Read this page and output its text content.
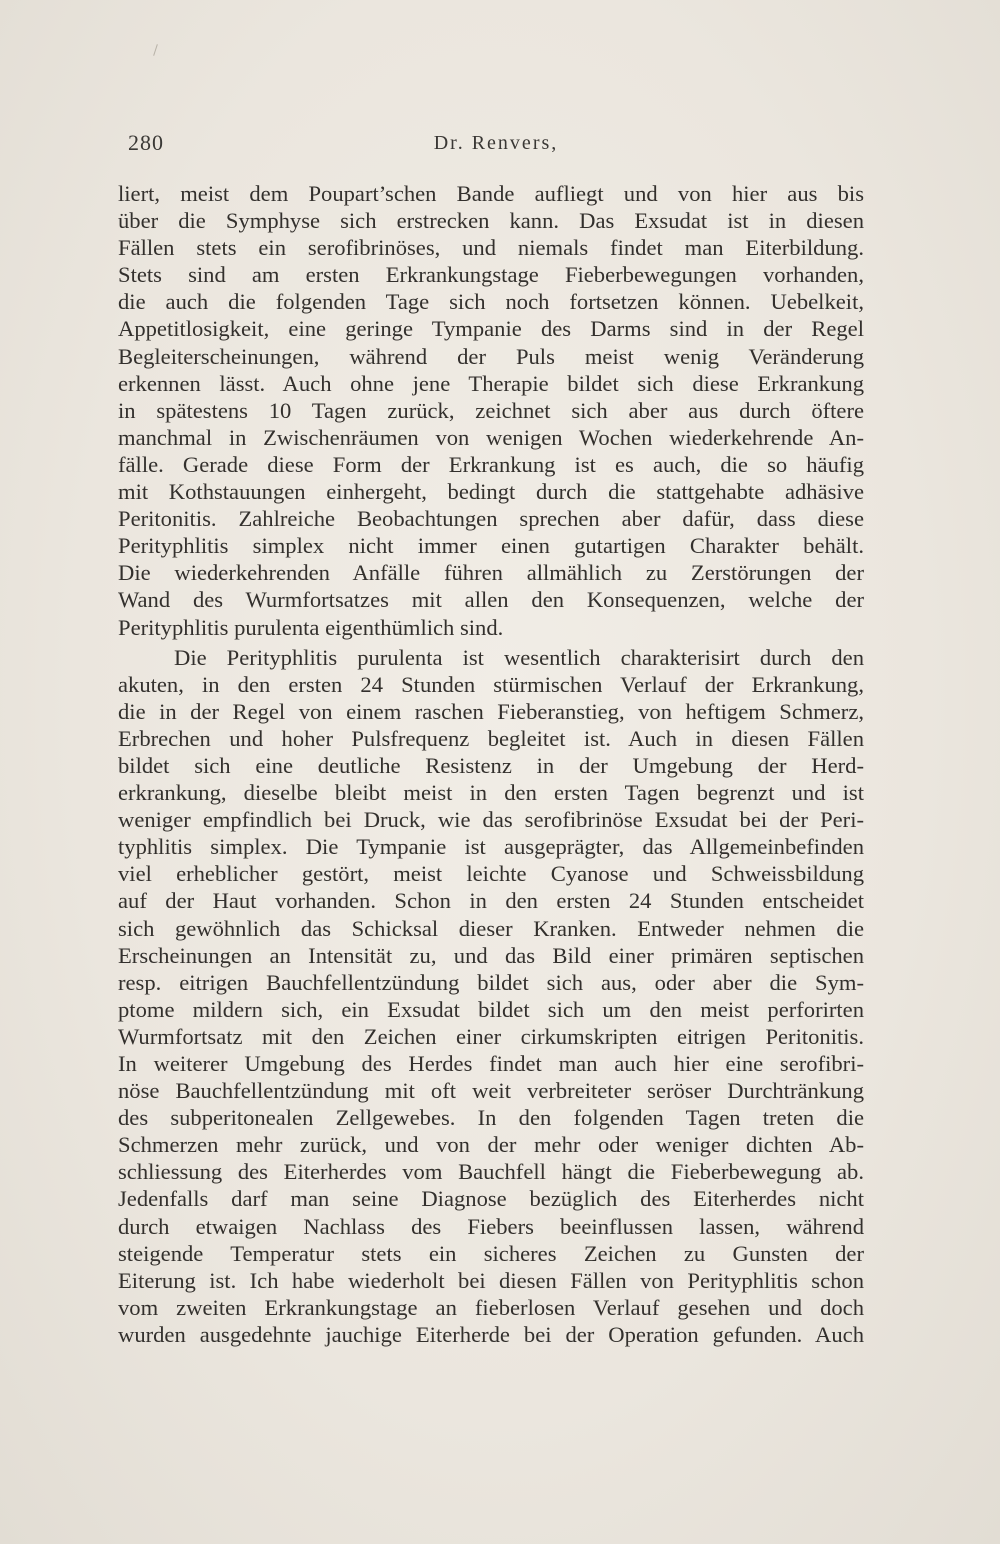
280	Dr. Renvers,
liert, meist dem Poupart’schen Bande aufliegt und von hier aus bis
über die Symphyse sich erstrecken kann. Das Exsudat ist in diesen
Fällen stets ein serofibrinöses, und niemals findet man Eiterbildung.
Stets sind am ersten Erkrankungstage Fieberbewegungen vorhanden,
die auch die folgenden Tage sich noch fortsetzen können. Uebelkeit,
Appetitlosigkeit, eine geringe Tympanie des Darms sind in der Regel
Begleiterscheinungen, während der Puls meist wenig Veränderung
erkennen lässt. Auch ohne jene Therapie bildet sich diese Erkrankung
in spätestens 10 Tagen zurück, zeichnet sich aber aus durch öftere
manchmal in Zwischenräumen von wenigen Wochen wiederkehrende An-
fälle. Gerade diese Form der Erkrankung ist es auch, die so häufig
mit Kothstauungen einhergeht, bedingt durch die stattgehabte adhäsive
Peritonitis. Zahlreiche Beobachtungen sprechen aber dafür, dass diese
Perityphlitis simplex nicht immer einen gutartigen Charakter behält.
Die wiederkehrenden Anfälle führen allmählich zu Zerstörungen der
Wand des Wurmfortsatzes mit allen den Konsequenzen, welche der
Perityphlitis purulenta eigenthümlich sind.
Die Perityphlitis purulenta ist wesentlich charakterisirt durch den
akuten, in den ersten 24 Stunden stürmischen Verlauf der Erkrankung,
die in der Regel von einem raschen Fieberanstieg, von heftigem Schmerz,
Erbrechen und hoher Pulsfrequenz begleitet ist. Auch in diesen Fällen
bildet sich eine deutliche Resistenz in der Umgebung der Herd-
erkrankung, dieselbe bleibt meist in den ersten Tagen begrenzt und ist
weniger empfindlich bei Druck, wie das serofibrinöse Exsudat bei der Peri-
typhlitis simplex. Die Tympanie ist ausgeprägter, das Allgemeinbefinden
viel erheblicher gestört, meist leichte Cyanose und Schweissbildung
auf der Haut vorhanden. Schon in den ersten 24 Stunden entscheidet
sich gewöhnlich das Schicksal dieser Kranken. Entweder nehmen die
Erscheinungen an Intensität zu, und das Bild einer primären septischen
resp. eitrigen Bauchfellentzündung bildet sich aus, oder aber die Sym-
ptome mildern sich, ein Exsudat bildet sich um den meist perforirten
Wurmfortsatz mit den Zeichen einer cirkumskripten eitrigen Peritonitis.
In weiterer Umgebung des Herdes findet man auch hier eine serofibri-
nöse Bauchfellentzündung mit oft weit verbreiteter seröser Durchtränkung
des subperitonealen Zellgewebes. In den folgenden Tagen treten die
Schmerzen mehr zurück, und von der mehr oder weniger dichten Ab-
schliessung des Eiterherdes vom Bauchfell hängt die Fieberbewegung ab.
Jedenfalls darf man seine Diagnose bezüglich des Eiterherdes nicht
durch etwaigen Nachlass des Fiebers beeinflussen lassen, während
steigende Temperatur stets ein sicheres Zeichen zu Gunsten der
Eiterung ist. Ich habe wiederholt bei diesen Fällen von Perityphlitis schon
vom zweiten Erkrankungstage an fieberlosen Verlauf gesehen und doch
wurden ausgedehnte jauchige Eiterherde bei der Operation gefunden. Auch
